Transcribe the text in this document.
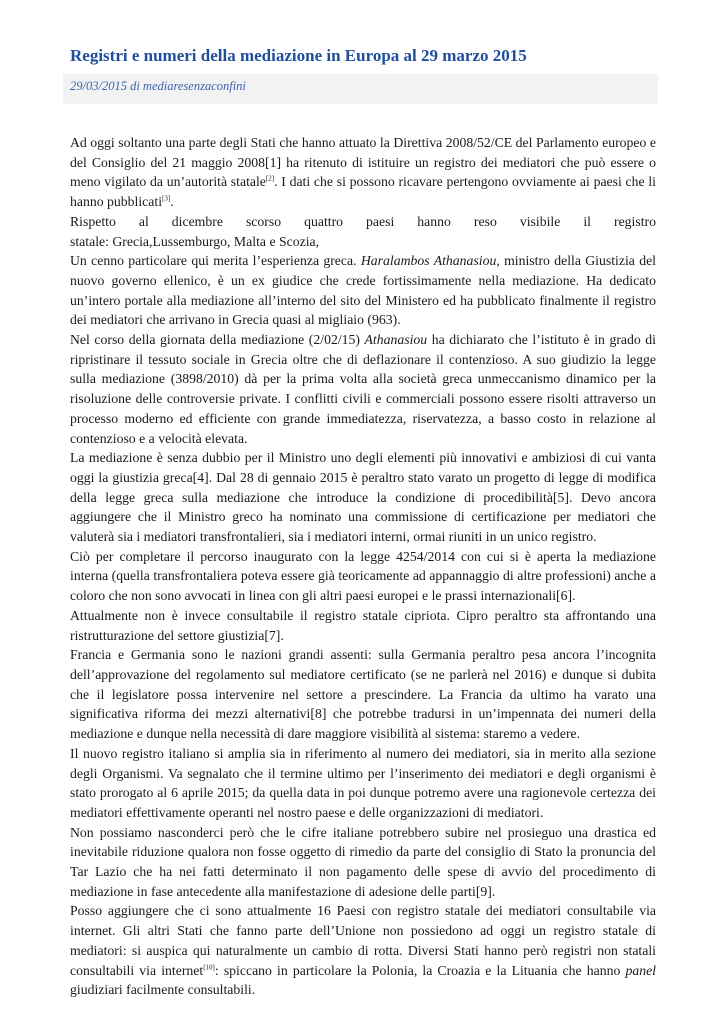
Registri e numeri della mediazione in Europa al 29 marzo 2015
29/03/2015 di mediaresenzaconfini

Ad oggi soltanto una parte degli Stati che hanno attuato la Direttiva 2008/52/CE del Parlamento europeo e del Consiglio del 21 maggio 2008[1] ha ritenuto di istituire un registro dei mediatori che può essere o meno vigilato da un’autorità statale[2]. I dati che si possono ricavare pertengono ovviamente ai paesi che li hanno pubblicati[3].

Rispetto al dicembre scorso quattro paesi hanno reso visibile il registro

statale: Grecia,Lussemburgo, Malta e Scozia,

Un cenno particolare qui merita l’esperienza greca. Haralambos Athanasiou, ministro della Giustizia del nuovo governo ellenico, è un ex giudice che crede fortissimamente nella mediazione. Ha dedicato un’intero portale alla mediazione all’interno del sito del Ministero ed ha pubblicato finalmente il registro dei mediatori che arrivano in Grecia quasi al migliaio (963).

Nel corso della giornata della mediazione (2/02/15) Athanasiou ha dichiarato che l’istituto è in grado di ripristinare il tessuto sociale in Grecia oltre che di deflazionare il contenzioso. A suo giudizio la legge sulla mediazione (3898/2010) dà per la prima volta alla società greca unmeccanismo dinamico per la risoluzione delle controversie private. I conflitti civili e commerciali possono essere risolti attraverso un processo moderno ed efficiente con grande immediatezza, riservatezza, a basso costo in relazione al contenzioso e a velocità elevata.

La mediazione è senza dubbio per il Ministro uno degli elementi più innovativi e ambiziosi di cui vanta oggi la giustizia greca[4]. Dal 28 di gennaio 2015 è peraltro stato varato un progetto di legge di modifica della legge greca sulla mediazione che introduce la condizione di procedibilità[5]. Devo ancora aggiungere che il Ministro greco ha nominato una commissione di certificazione per mediatori che valuterà sia i mediatori transfrontalieri, sia i mediatori interni, ormai riuniti in un unico registro.

Ciò per completare il percorso inaugurato con la legge 4254/2014 con cui si è aperta la mediazione interna (quella transfrontaliera poteva essere già teoricamente ad appannaggio di altre professioni) anche a coloro che non sono avvocati in linea con gli altri paesi europei e le prassi internazionali[6].

Attualmente non è invece consultabile il registro statale cipriota. Cipro peraltro sta affrontando una ristrutturazione del settore giustizia[7].

Francia e Germania sono le nazioni grandi assenti: sulla Germania peraltro pesa ancora l’incognita dell’approvazione del regolamento sul mediatore certificato (se ne parlerà nel 2016) e dunque si dubita che il legislatore possa intervenire nel settore a prescindere. La Francia da ultimo ha varato una significativa riforma dei mezzi alternativi[8] che potrebbe tradursi in un’impennata dei numeri della mediazione e dunque nella necessità di dare maggiore visibilità al sistema: staremo a vedere.

Il nuovo registro italiano si amplia sia in riferimento al numero dei mediatori, sia in merito alla sezione degli Organismi. Va segnalato che il termine ultimo per l’inserimento dei mediatori e degli organismi è stato prorogato al 6 aprile 2015; da quella data in poi dunque potremo avere una ragionevole certezza dei mediatori effettivamente operanti nel nostro paese e delle organizzazioni di mediatori.

Non possiamo nasconderci però che le cifre italiane potrebbero subire nel prosieguo una drastica ed inevitabile riduzione qualora non fosse oggetto di rimedio da parte del consiglio di Stato la pronuncia del Tar Lazio che ha nei fatti determinato il non pagamento delle spese di avvio del procedimento di mediazione in fase antecedente alla manifestazione di adesione delle parti[9].

Posso aggiungere che ci sono attualmente 16 Paesi con registro statale dei mediatori consultabile via internet. Gli altri Stati che fanno parte dell’Unione non possiedono ad oggi un registro statale di mediatori: si auspica qui naturalmente un cambio di rotta. Diversi Stati hanno però registri non statali consultabili via internet[10]: spiccano in particolare la Polonia, la Croazia e la Lituania che hanno panel giudiziari facilmente consultabili.
